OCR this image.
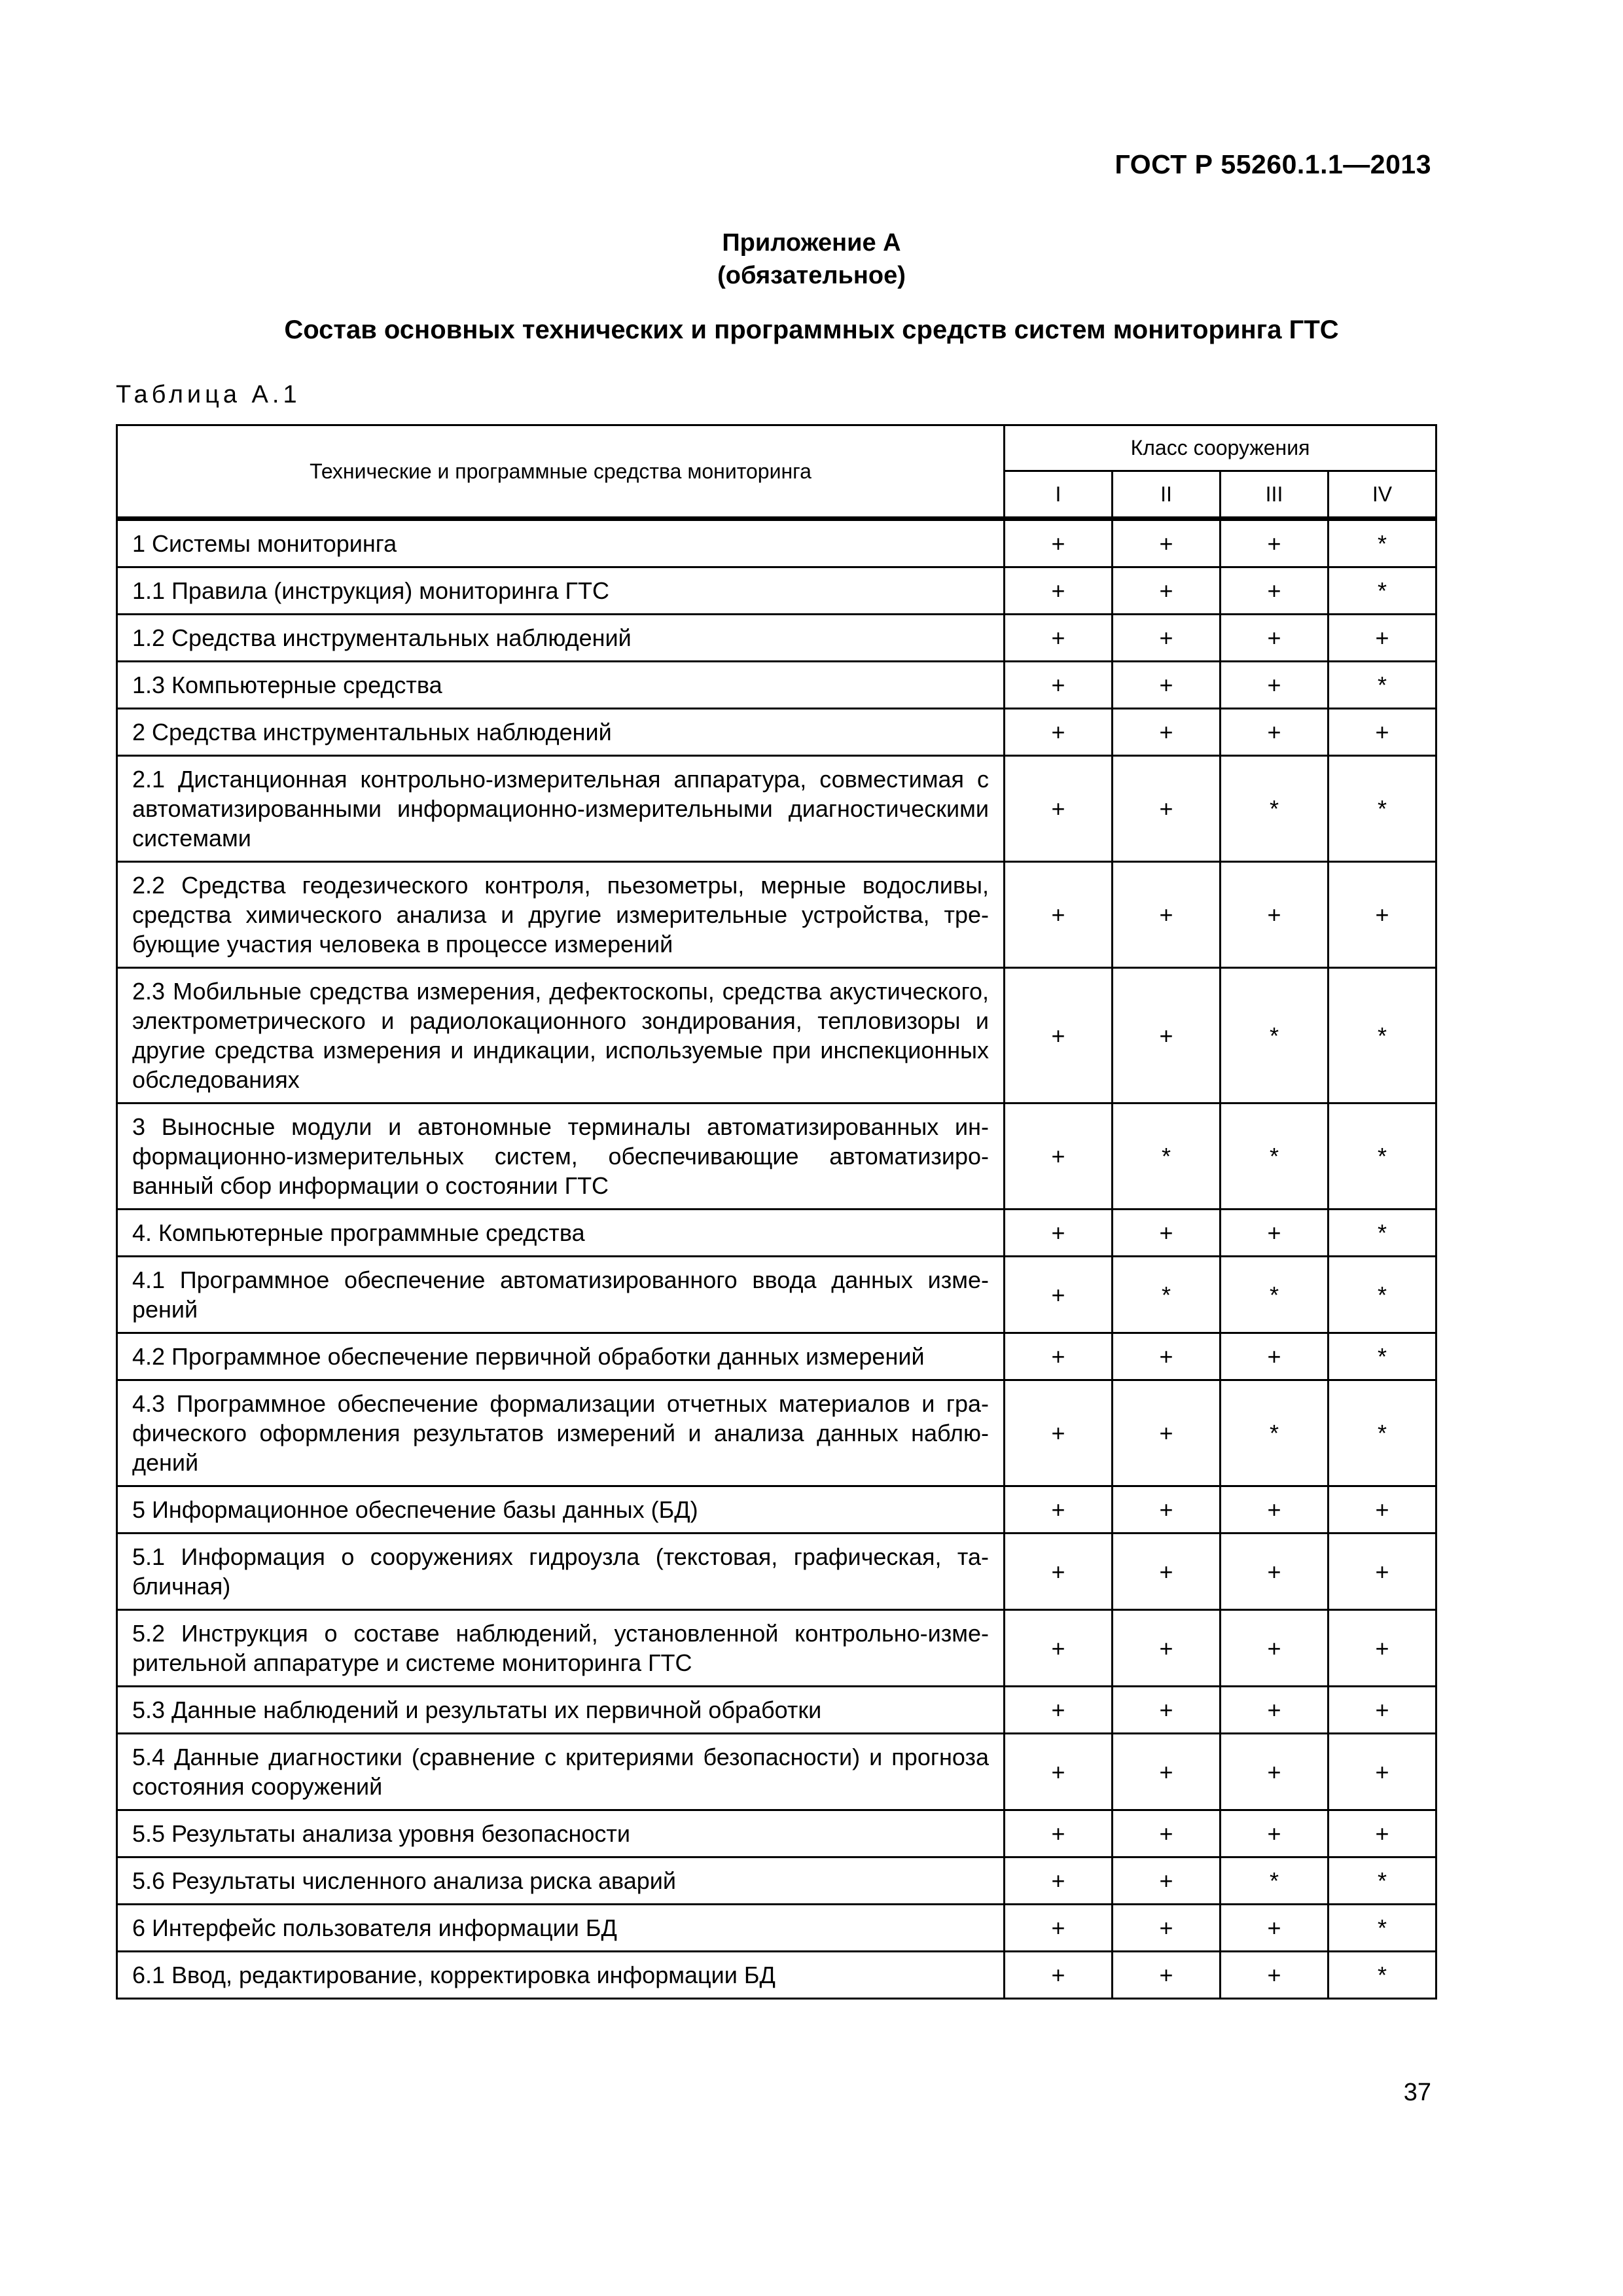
ГОСТ Р 55260.1.1—2013
Приложение А
(обязательное)
Состав основных технических и программных средств систем мониторинга ГТС
Таблица А.1
Технические и программные средства мониторинга	Класс сооружения			
	I	II	III	IV
1 Системы мониторинга	+	+	+	*
1.1 Правила (инструкция) мониторинга ГТС	+	+	+	*
1.2 Средства инструментальных наблюдений	+	+	+	+
1.3 Компьютерные средства	+	+	+	*
2 Средства инструментальных наблюдений	+	+	+	+
2.1 Дистанционная контрольно-измерительная аппаратура, совместимая с автоматизированными информационно-измерительными диагностическими системами	+	+	*	*
2.2 Средства геодезического контроля, пьезометры, мерные водосливы, средства химического анализа и другие измерительные устройства, требующие участия человека в процессе измерений	+	+	+	+
2.3 Мобильные средства измерения, дефектоскопы, средства акустического, электрометрического и радиолокационного зондирования, тепловизоры и другие средства измерения и индикации, используемые при инспекционных обследованиях	+	+	*	*
3 Выносные модули и автономные терминалы автоматизированных информационно-измерительных систем, обеспечивающие автоматизированный сбор информации о состоянии ГТС	+	*	*	*
4. Компьютерные программные средства	+	+	+	*
4.1 Программное обеспечение автоматизированного ввода данных измерений	+	*	*	*
4.2 Программное обеспечение первичной обработки данных измерений	+	+	+	*
4.3 Программное обеспечение формализации отчетных материалов и графического оформления результатов измерений и анализа данных наблюдений	+	+	*	*
5 Информационное обеспечение базы данных (БД)	+	+	+	+
5.1 Информация о сооружениях гидроузла (текстовая, графическая, табличная)	+	+	+	+
5.2 Инструкция о составе наблюдений, установленной контрольно-измерительной аппаратуре и системе мониторинга ГТС	+	+	+	+
5.3 Данные наблюдений и результаты их первичной обработки	+	+	+	+
5.4 Данные диагностики (сравнение с критериями безопасности) и прогноза состояния сооружений	+	+	+	+
5.5 Результаты анализа уровня безопасности	+	+	+	+
5.6 Результаты численного анализа риска аварий	+	+	*	*
6 Интерфейс пользователя информации БД	+	+	+	*
6.1 Ввод, редактирование, корректировка информации БД	+	+	+	*
37
